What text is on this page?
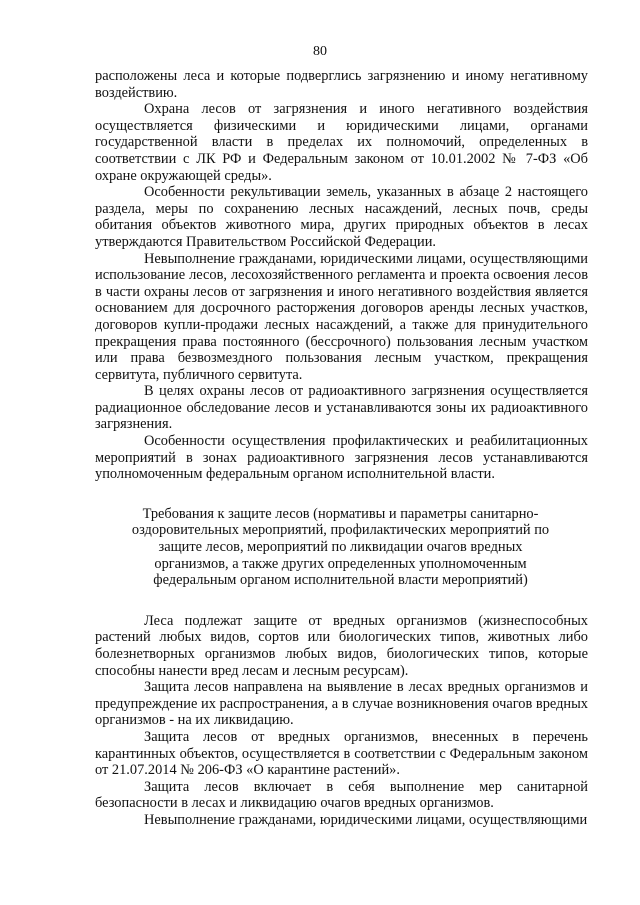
80

расположены леса и которые подверглись загрязнению и иному негативному воздействию.

Охрана лесов от загрязнения и иного негативного воздействия осуществляется физическими и юридическими лицами, органами государственной власти в пределах их полномочий, определенных в соответствии с ЛК РФ и Федеральным законом от 10.01.2002 № 7-ФЗ «Об охране окружающей среды».

Особенности рекультивации земель, указанных в абзаце 2 настоящего раздела, меры по сохранению лесных насаждений, лесных почв, среды обитания объектов животного мира, других природных объектов в лесах утверждаются Правительством Российской Федерации.

Невыполнение гражданами, юридическими лицами, осуществляющими использование лесов, лесохозяйственного регламента и проекта освоения лесов в части охраны лесов от загрязнения и иного негативного воздействия является основанием для досрочного расторжения договоров аренды лесных участков, договоров купли-продажи лесных насаждений, а также для принудительного прекращения права постоянного (бессрочного) пользования лесным участком или права безвозмездного пользования лесным участком, прекращения сервитута, публичного сервитута.

В целях охраны лесов от радиоактивного загрязнения осуществляется радиационное обследование лесов и устанавливаются зоны их радиоактивного загрязнения.

Особенности осуществления профилактических и реабилитационных мероприятий в зонах радиоактивного загрязнения лесов устанавливаются уполномоченным федеральным органом исполнительной власти.

Требования к защите лесов (нормативы и параметры санитарно-оздоровительных мероприятий, профилактических мероприятий по защите лесов, мероприятий по ликвидации очагов вредных организмов, а также других определенных уполномоченным федеральным органом исполнительной власти мероприятий)

Леса подлежат защите от вредных организмов (жизнеспособных растений любых видов, сортов или биологических типов, животных либо болезнетворных организмов любых видов, биологических типов, которые способны нанести вред лесам и лесным ресурсам).

Защита лесов направлена на выявление в лесах вредных организмов и предупреждение их распространения, а в случае возникновения очагов вредных организмов - на их ликвидацию.

Защита лесов от вредных организмов, внесенных в перечень карантинных объектов, осуществляется в соответствии с Федеральным законом от 21.07.2014 № 206-ФЗ «О карантине растений».

Защита лесов включает в себя выполнение мер санитарной безопасности в лесах и ликвидацию очагов вредных организмов.

Невыполнение гражданами, юридическими лицами, осуществляющими
